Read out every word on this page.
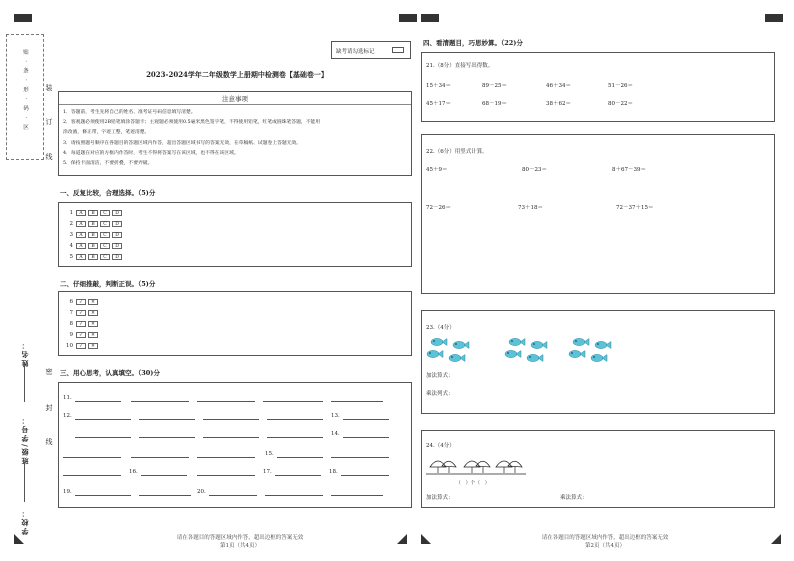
贴 · 条 · 形 · 码 · 区 装
订
线
密
封
线
姓名：
班级/学号：
学校：
缺考请勾选标记
2023-2024学年二年级数学上册期中检测卷【基础卷一】
注意事项
1．答题前，考生先将自己的姓名、准考证号码信息填写清楚。
2．客观题必须使用2B铅笔填涂答题卡；主观题必须使用0.5毫米黑色签字笔，不得使用铅笔，红笔或圆珠笔答题，不能用
涂改液，修正带，字迹工整，笔迹清楚。
3．请按照题号顺序在各题目的答题区域内作答，超出答题区域书写的答案无效，在草稿纸、试题卷上答题无效。
4．每道题在对应的方框内作答时，考生不得将答案写在该区域，也不得在该区域。
5．保持卡面清洁，不要折叠，不要弄破。
一、反复比较，合理选择。（5)分
1	A	B	C	D
2	A	B	C	D
3	A	B	C	D
4	A	B	C	D
5	A	B	C	D
二、仔细推敲，判断正误。（5)分
6	✓	✕
7	✓	✕
8	✓	✕
9	✓	✕
10	✓	✕
三、用心思考，认真填空。（30)分
11.
12.	13.
14.
15.
16.	17.	18.
19.	20.
请在各题目的答题区域内作答，超出边框的答案无效
第1页（共4页）
四、看清题目，巧思妙算。（22)分
21.（8分）直接写出得数。
15＋34＝	89－25＝	46＋34＝	51－26＝
45＋17＝	68－19＝	38＋62＝	80－22＝
22.（6分）用竖式计算。
45＋9＝	80－23＝	8＋67－39＝
72－26＝	73＋18＝	72－37＋15＝
23.（4分）
加法算式：
乘法列式：
24.（4分）
（　）个（　）
加法算式：	乘法算式：
请在各题目的答题区域内作答，超出边框的答案无效
第2页（共4页）
